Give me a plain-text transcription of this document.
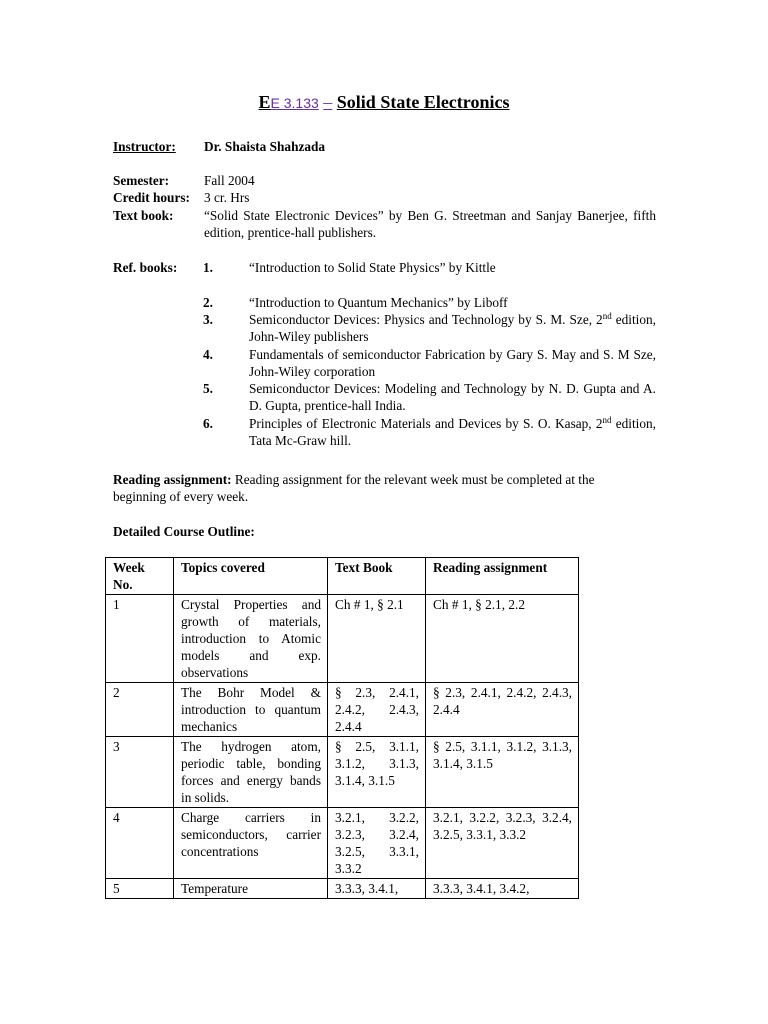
EE 3.133 – Solid State Electronics
Instructor: Dr. Shaista Shahzada
Semester:	Fall 2004
Credit hours: 3 cr. Hrs
Text book: “Solid State Electronic Devices” by Ben G. Streetman and Sanjay Banerjee, fifth edition, prentice-hall publishers.
Ref. books: 1.	“Introduction to Solid State Physics” by Kittle
2.	“Introduction to Quantum Mechanics” by Liboff
3.	Semiconductor Devices: Physics and Technology by S. M. Sze, 2nd edition, John-Wiley publishers
4.	Fundamentals of semiconductor Fabrication by Gary S. May and S. M Sze, John-Wiley corporation
5.	Semiconductor Devices: Modeling and Technology by N. D. Gupta and A. D. Gupta, prentice-hall India.
6.	Principles of Electronic Materials and Devices by S. O. Kasap, 2nd edition, Tata Mc-Graw hill.
Reading assignment: Reading assignment for the relevant week must be completed at the beginning of every week.
Detailed Course Outline:
Week No.	Topics covered	Text Book	Reading assignment
1	Crystal Properties and growth of materials, introduction to Atomic models and exp. observations	Ch # 1, § 2.1	Ch # 1, § 2.1, 2.2
2	The Bohr Model & introduction to quantum mechanics	§ 2.3, 2.4.1, 2.4.2, 2.4.3, 2.4.4	§ 2.3, 2.4.1, 2.4.2, 2.4.3, 2.4.4
3	The hydrogen atom, periodic table, bonding forces and energy bands in solids.	§ 2.5, 3.1.1, 3.1.2, 3.1.3, 3.1.4, 3.1.5	§ 2.5, 3.1.1, 3.1.2, 3.1.3, 3.1.4, 3.1.5
4	Charge carriers in semiconductors, carrier concentrations	3.2.1, 3.2.2, 3.2.3, 3.2.4, 3.2.5, 3.3.1, 3.3.2	3.2.1, 3.2.2, 3.2.3, 3.2.4, 3.2.5, 3.3.1, 3.3.2
5	Temperature	3.3.3, 3.4.1,	3.3.3, 3.4.1, 3.4.2,
